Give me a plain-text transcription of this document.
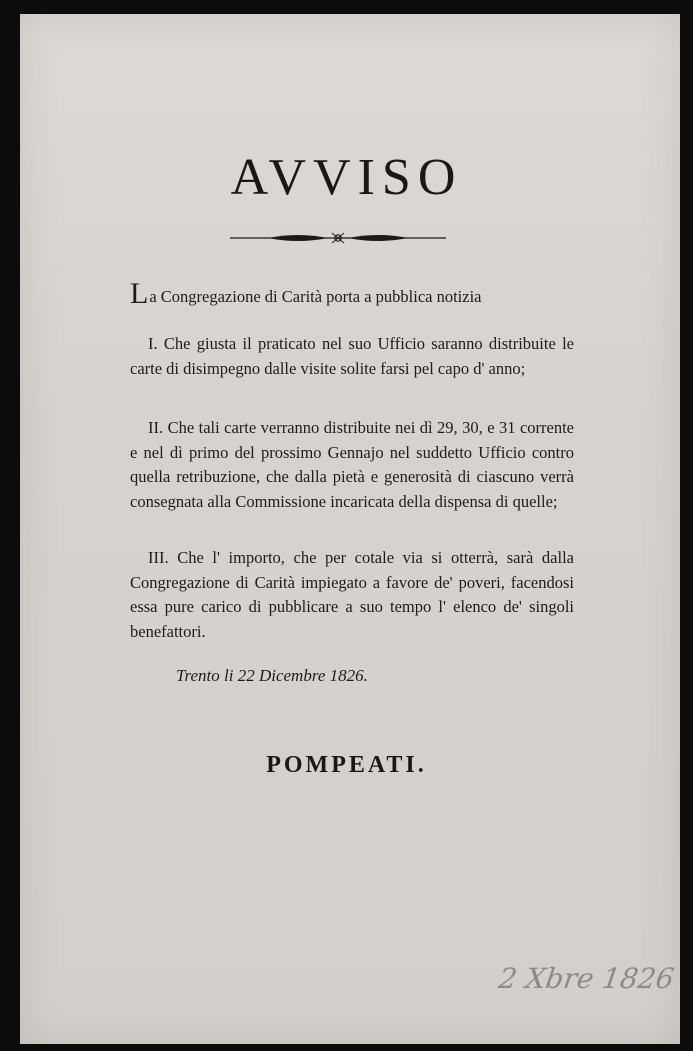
AVVISO
La Congregazione di Carità porta a pubblica notizia

I. Che giusta il praticato nel suo Ufficio saranno distribuite le carte di disimpegno dalle visite solite farsi pel capo d' anno;

II. Che tali carte verranno distribuite nei dì 29, 30, e 31 corrente e nel dì primo del prossimo Gennajo nel suddetto Ufficio contro quella retribuzione, che dalla pietà e generosità di ciascuno verrà consegnata alla Commissione incaricata della dispensa di quelle;

III. Che l' importo, che per cotale via si otterrà, sarà dalla Congregazione di Carità impiegato a favore de' poveri, facendosi essa pure carico di pubblicare a suo tempo l' elenco de' singoli benefattori.

Trento li 22 Dicembre 1826.
POMPEATI.
2 Xbre 1826
